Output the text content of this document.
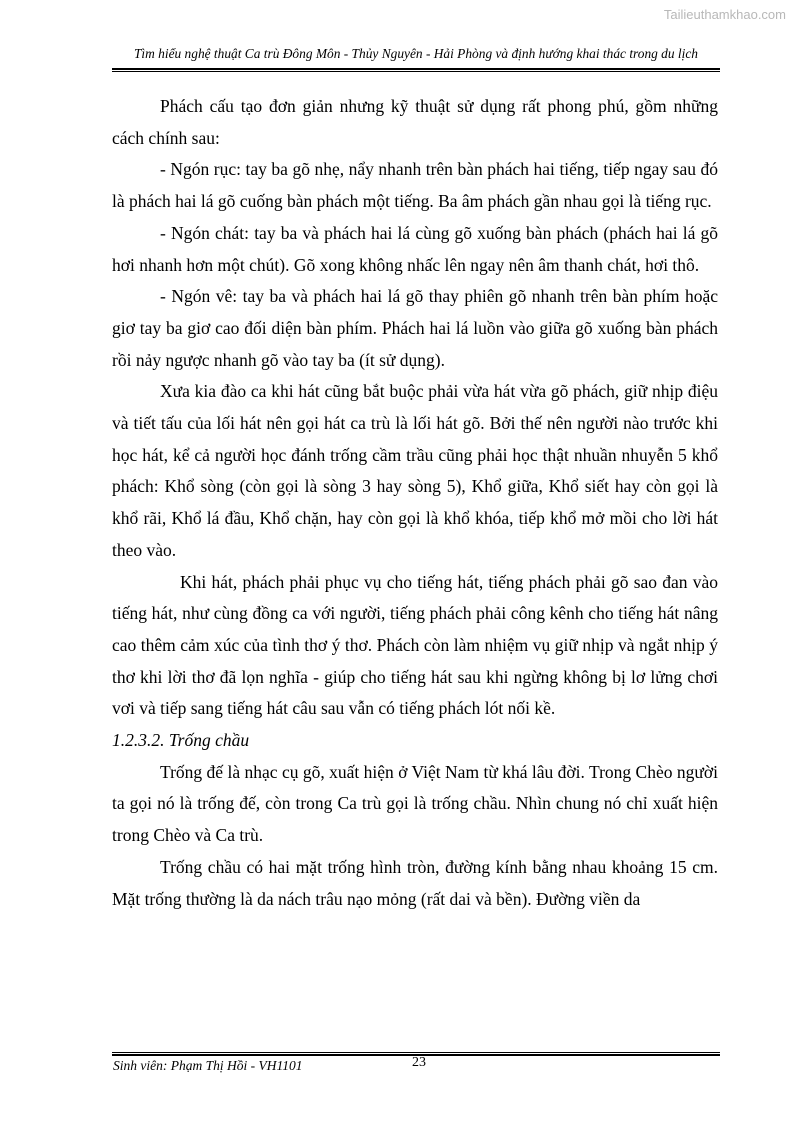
Tailieuthamkhao.com
Tìm hiểu nghệ thuật Ca trù Đông Môn - Thủy Nguyên - Hải Phòng và định hướng khai thác trong du lịch

Phách cấu tạo đơn giản nhưng kỹ thuật sử dụng rất phong phú, gồm những cách chính sau:

- Ngón rục: tay ba gõ nhẹ, nẩy nhanh trên bàn phách hai tiếng, tiếp ngay sau đó là phách hai lá gõ cuống bàn phách một tiếng. Ba âm phách gần nhau gọi là tiếng rục.

- Ngón chát: tay ba và phách hai lá cùng gõ xuống bàn phách (phách hai lá gõ hơi nhanh hơn một chút). Gõ xong không nhấc lên ngay nên âm thanh chát, hơi thô.

- Ngón vê: tay ba và phách hai lá gõ thay phiên gõ nhanh trên bàn phím hoặc giơ tay ba giơ cao đối diện bàn phím. Phách hai lá luồn vào giữa gõ xuống bàn phách rồi nảy ngược nhanh gõ vào tay ba (ít sử dụng).

Xưa kia đào ca khi hát cũng bắt buộc phải vừa hát vừa gõ phách, giữ nhịp điệu và tiết tấu của lối hát nên gọi hát ca trù là lối hát gõ. Bởi thế nên người nào trước khi học hát, kể cả người học đánh trống cầm trầu cũng phải học thật nhuần nhuyễn 5 khổ phách: Khổ sòng (còn gọi là sòng 3 hay sòng 5), Khổ giữa, Khổ siết hay còn gọi là khổ rãi, Khổ lá đầu, Khổ chặn, hay còn gọi là khổ khóa, tiếp khổ mở mồi cho lời hát theo vào.

Khi hát, phách phải phục vụ cho tiếng hát, tiếng phách phải gõ sao đan vào tiếng hát, như cùng đồng ca với người, tiếng phách phải công kênh cho tiếng hát nâng cao thêm cảm xúc của tình thơ ý thơ. Phách còn làm nhiệm vụ giữ nhịp và ngắt nhịp ý thơ khi lời thơ đã lọn nghĩa - giúp cho tiếng hát sau khi ngừng không bị lơ lửng chơi vơi và tiếp sang tiếng hát câu sau vẫn có tiếng phách lót nối kề.

1.2.3.2. Trống chầu

Trống đế là nhạc cụ gõ, xuất hiện ở Việt Nam từ khá lâu đời. Trong Chèo người ta gọi nó là trống đế, còn trong Ca trù gọi là trống chầu. Nhìn chung nó chỉ xuất hiện trong Chèo và Ca trù.

Trống chầu có hai mặt trống hình tròn, đường kính bằng nhau khoảng 15 cm. Mặt trống thường là da nách trâu nạo mỏng (rất dai và bền). Đường viền da

Sinh viên: Phạm Thị Hồi - VH1101	23
